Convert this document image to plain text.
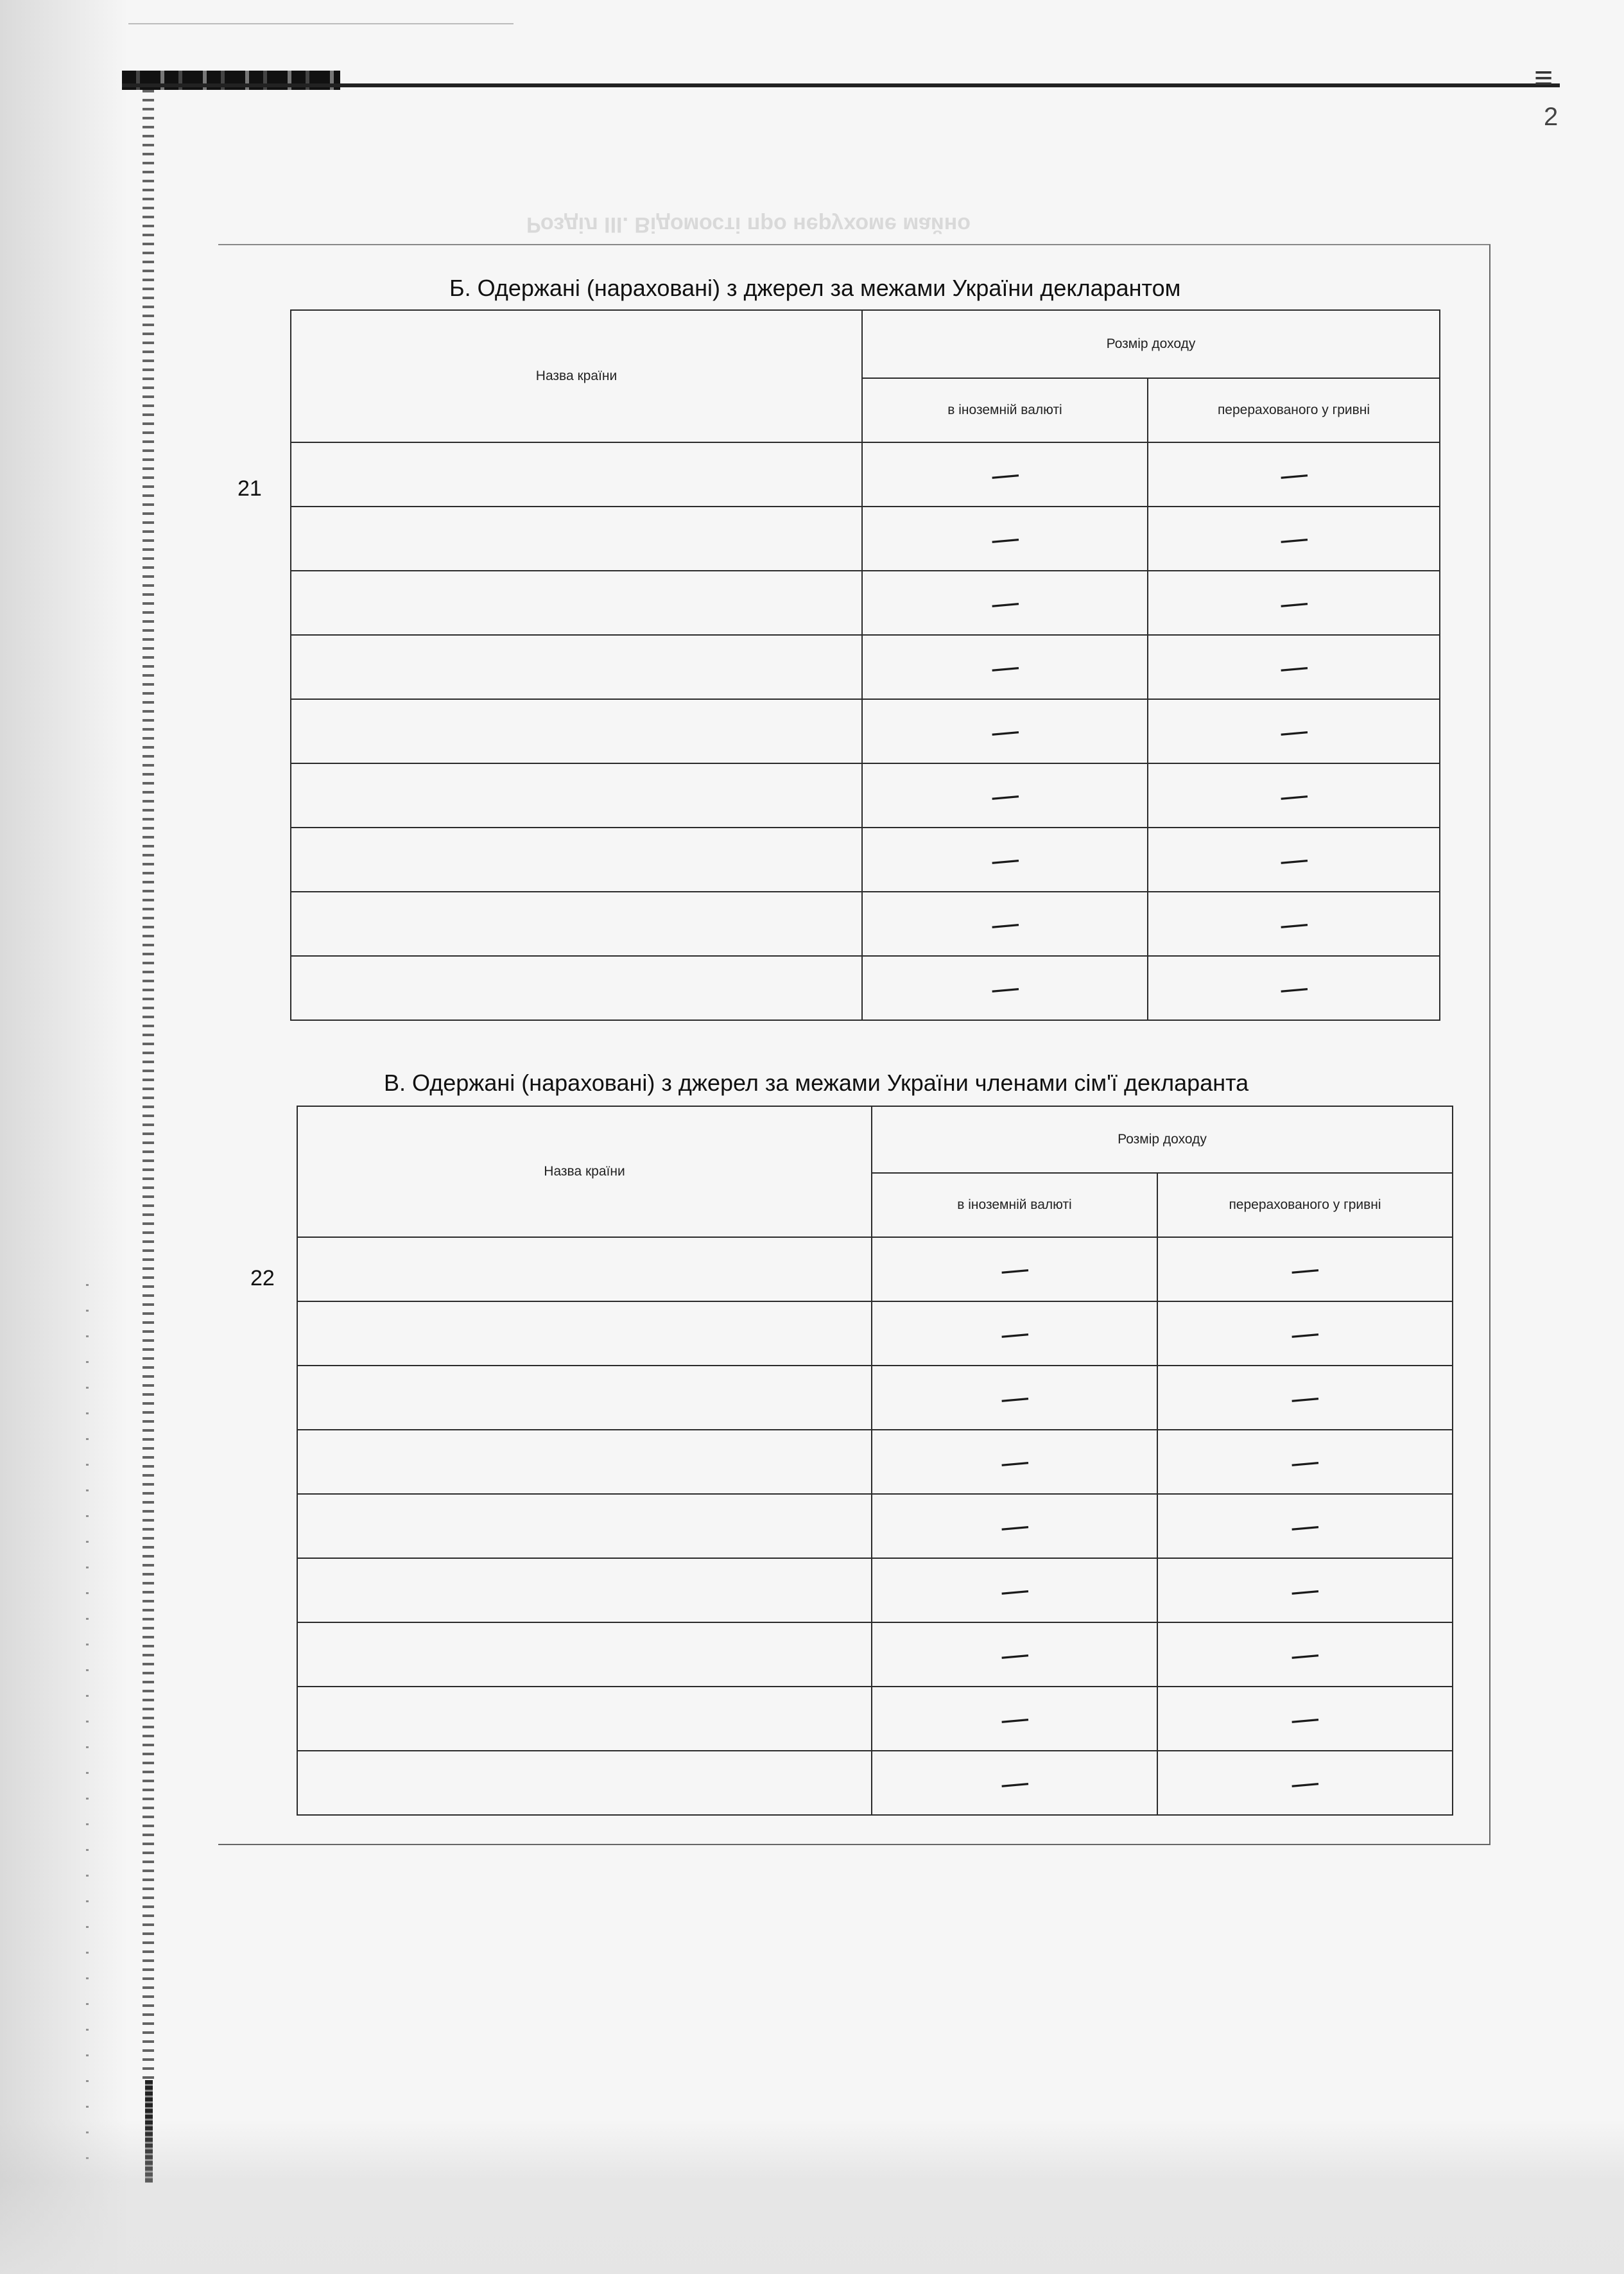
≡
2
Розділ III. Відомості про нерухоме майно
Б. Одержані (нараховані) з джерел за межами України декларантом
21
Назва країни	Розмір доходу	
	в іноземній валюті	перерахованого у гривні
	—	—
	—	—
	—	—
	—	—
	—	—
	—	—
	—	—
	—	—
	—	—
В. Одержані (нараховані) з джерел за межами України членами сім'ї декларанта
22
Назва країни	Розмір доходу	
	в іноземній валюті	перерахованого у гривні
	—	—
	—	—
	—	—
	—	—
	—	—
	—	—
	—	—
	—	—
	—	—
